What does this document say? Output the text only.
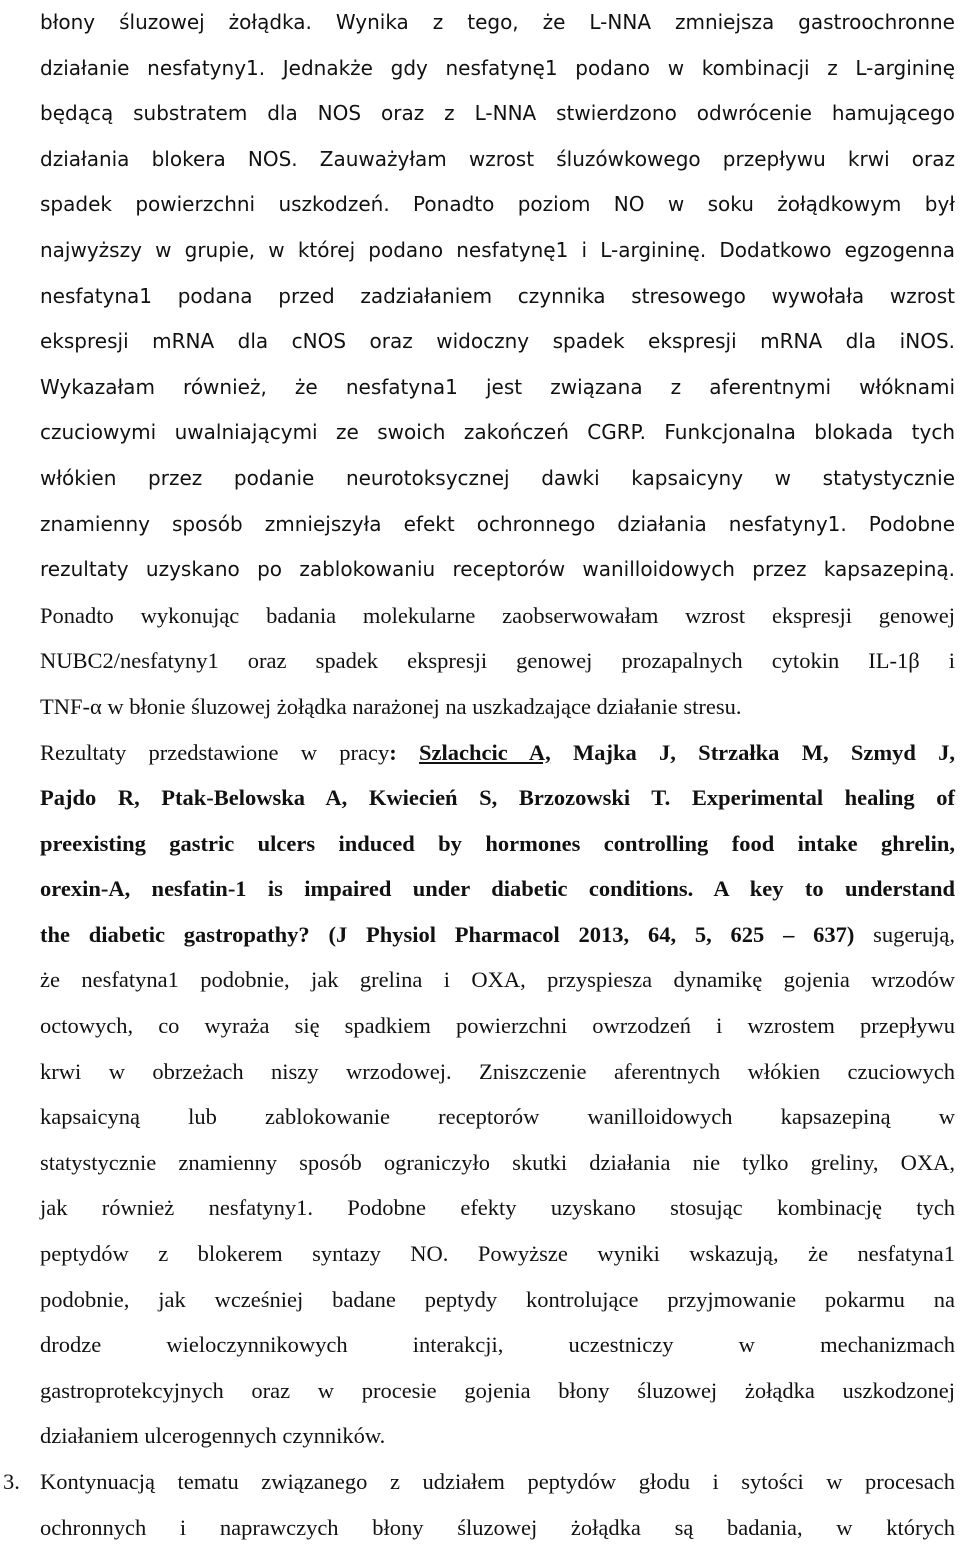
błony śluzowej żołądka. Wynika z tego, że L-NNA zmniejsza gastroochronne
działanie nesfatyny1. Jednakże gdy nesfatynę1 podano w kombinacji z L-argininę
będącą substratem dla NOS oraz z L-NNA stwierdzono odwrócenie hamującego
działania blokera NOS. Zauważyłam wzrost śluzówkowego przepływu krwi oraz
spadek powierzchni uszkodzeń. Ponadto poziom NO w soku żołądkowym był
najwyższy w grupie, w której podano nesfatynę1 i L-argininę. Dodatkowo egzogenna
nesfatyna1 podana przed zadziałaniem czynnika stresowego wywołała wzrost
ekspresji mRNA dla cNOS oraz widoczny spadek ekspresji mRNA dla iNOS.
Wykazałam również, że nesfatyna1 jest związana z aferentnymi włóknami
czuciowymi uwalniającymi ze swoich zakończeń CGRP. Funkcjonalna blokada tych
włókien przez podanie neurotoksycznej dawki kapsaicyny w statystycznie
znamienny sposób zmniejszyła efekt ochronnego działania nesfatyny1. Podobne
rezultaty uzyskano po zablokowaniu receptorów wanilloidowych przez kapsazepiną.
Ponadto wykonując badania molekularne zaobserwowałam wzrost ekspresji genowej
NUBC2/nesfatyny1 oraz spadek ekspresji genowej prozapalnych cytokin IL-1β i
TNF-α w błonie śluzowej żołądka narażonej na uszkadzające działanie stresu.
Rezultaty przedstawione w pracy: Szlachcic A, Majka J, Strzałka M, Szmyd J,
Pajdo R, Ptak-Belowska A, Kwiecień S, Brzozowski T. Experimental healing of
preexisting gastric ulcers induced by hormones controlling food intake ghrelin,
orexin-A, nesfatin-1 is impaired under diabetic conditions. A key to understand
the diabetic gastropathy? (J Physiol Pharmacol 2013, 64, 5, 625 – 637) sugerują,
że nesfatyna1 podobnie, jak grelina i OXA, przyspiesza dynamikę gojenia wrzodów
octowych, co wyraża się spadkiem powierzchni owrzodzeń i wzrostem przepływu
krwi w obrzeżach niszy wrzodowej. Zniszczenie aferentnych włókien czuciowych
kapsaicyną lub zablokowanie receptorów wanilloidowych kapsazepiną w
statystycznie znamienny sposób ograniczyło skutki działania nie tylko greliny, OXA,
jak również nesfatyny1. Podobne efekty uzyskano stosując kombinację tych
peptydów z blokerem syntazy NO. Powyższe wyniki wskazują, że nesfatyna1
podobnie, jak wcześniej badane peptydy kontrolujące przyjmowanie pokarmu na
drodze wieloczynnikowych interakcji, uczestniczy w mechanizmach
gastroprotekcyjnych oraz w procesie gojenia błony śluzowej żołądka uszkodzonej
działaniem ulcerogennych czynników.
3. Kontynuacją tematu związanego z udziałem peptydów głodu i sytości w procesach
ochronnych i naprawczych błony śluzowej żołądka są badania, w których
